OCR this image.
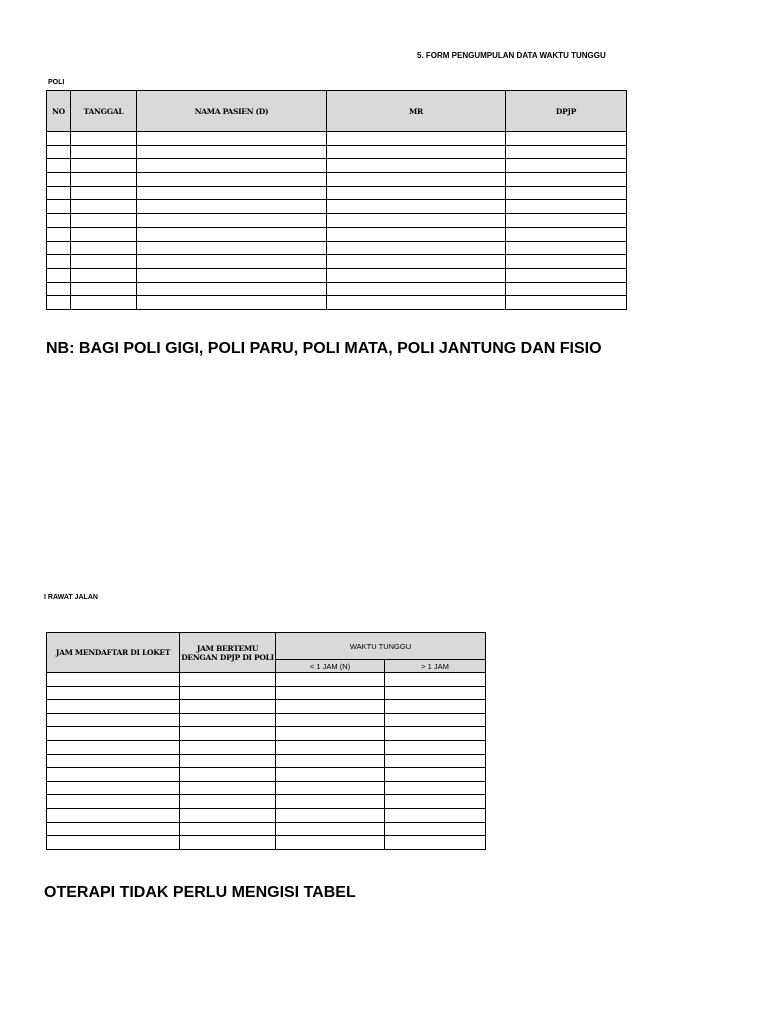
5. FORM PENGUMPULAN DATA WAKTU TUNGGU
POLI
NO	TANGGAL	NAMA PASIEN (D)	MR	DPJP

NB: BAGI POLI GIGI, POLI PARU, POLI MATA, POLI JANTUNG DAN FISIO
I RAWAT JALAN
JAM MENDAFTAR DI LOKET	JAM BERTEMU DENGAN DPJP DI POLI	WAKTU TUNGGU	
		< 1 JAM (N)	> 1 JAM

OTERAPI TIDAK PERLU MENGISI TABEL
